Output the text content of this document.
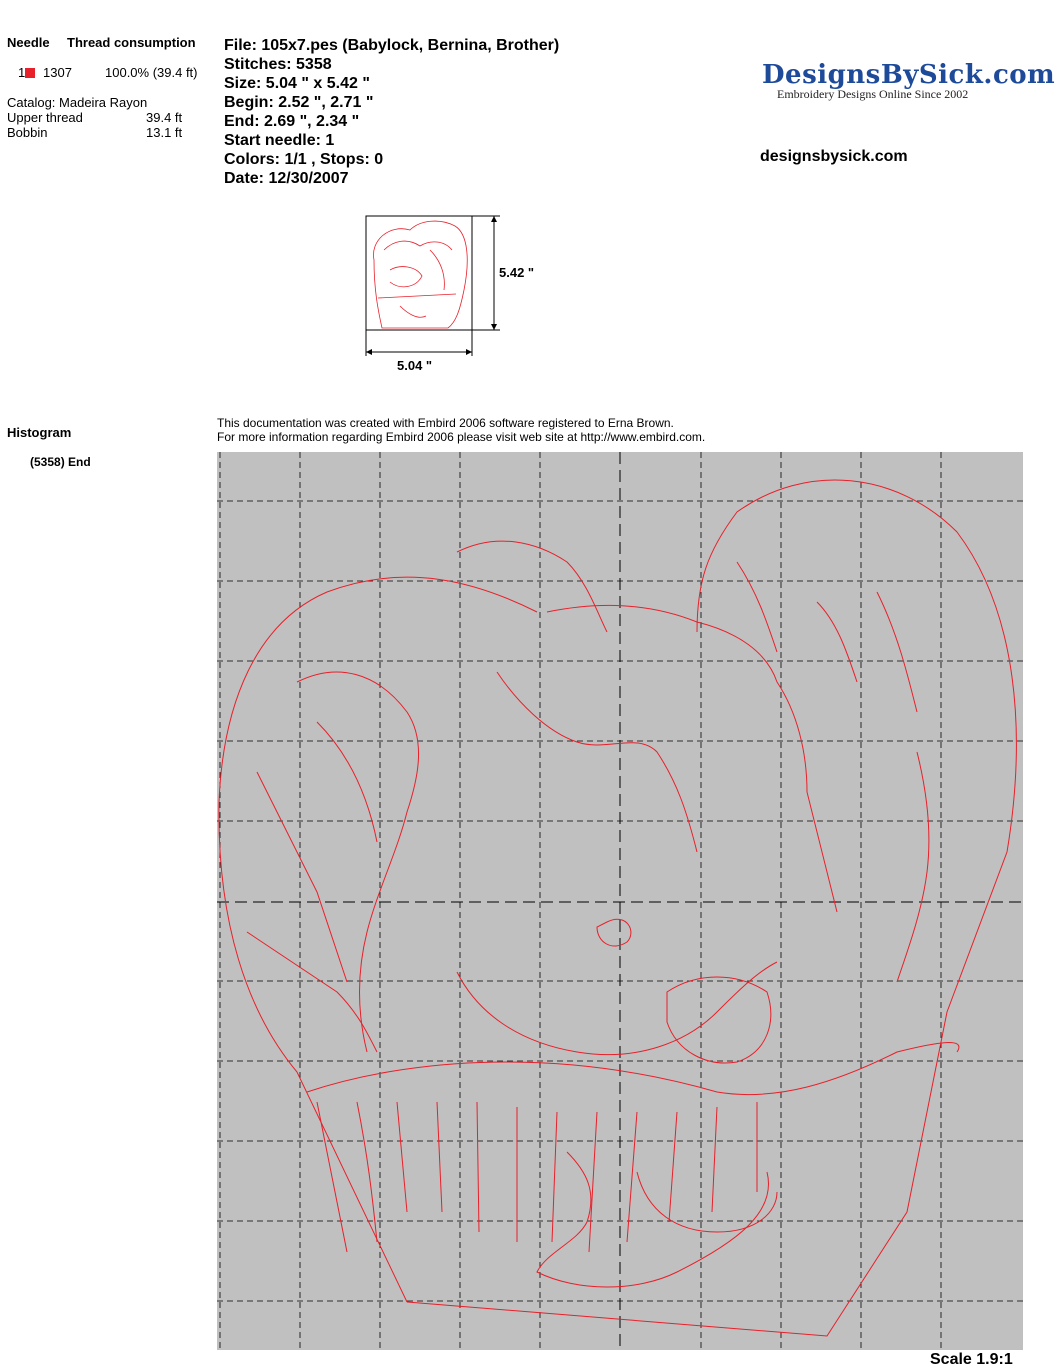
Needle Thread consumption
1	1307	100.0% (39.4 ft)
Catalog: Madeira Rayon
Upper thread	39.4 ft
Bobbin	13.1 ft
File: 105x7.pes (Babylock, Bernina, Brother)
Stitches: 5358
Size: 5.04 " x 5.42 "
Begin: 2.52 ", 2.71 "
End: 2.69 ", 2.34 "
Start needle: 1
Colors: 1/1 , Stops: 0
Date: 12/30/2007
DesignsBySick.com
Embroidery Designs Online Since 2002
designsbysick.com
5.42 "
5.04 "
Histogram
(5358) End
This documentation was created with Embird 2006 software registered to Erna Brown.
For more information regarding Embird 2006 please visit web site at http://www.embird.com.
Scale 1.9:1
